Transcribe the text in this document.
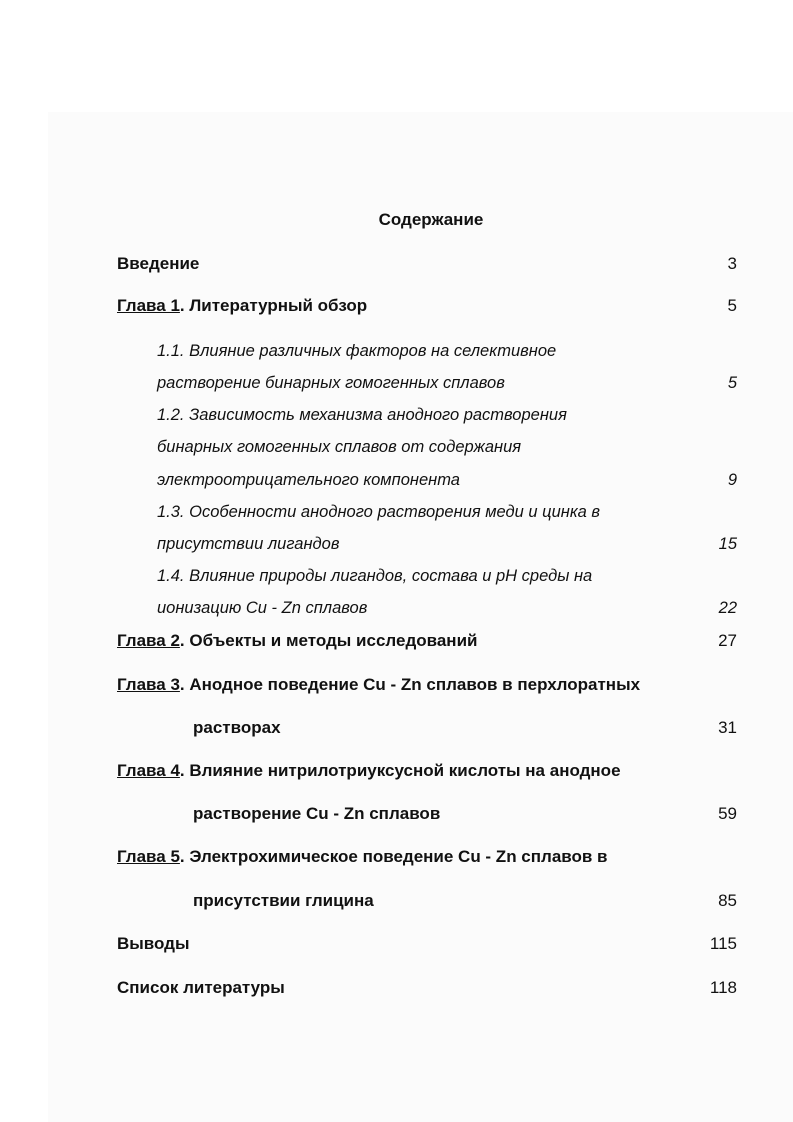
Содержание
Введение	3
Глава 1. Литературный обзор	5
1.1. Влияние различных факторов на селективное
растворение бинарных гомогенных сплавов	5
1.2. Зависимость механизма анодного растворения
бинарных гомогенных сплавов от содержания
электроотрицательного компонента	9
1.3. Особенности анодного растворения меди и цинка в
присутствии лигандов	15
1.4. Влияние природы лигандов, состава и pH среды на
ионизацию Cu - Zn сплавов	22
Глава 2. Объекты и методы исследований	27
Глава 3. Анодное поведение Cu - Zn сплавов в перхлоратных
растворах	31
Глава 4. Влияние нитрилотриуксусной кислоты на анодное
растворение Cu - Zn сплавов	59
Глава 5. Электрохимическое поведение Cu - Zn сплавов в
присутствии глицина	85
Выводы	115
Список литературы	118
